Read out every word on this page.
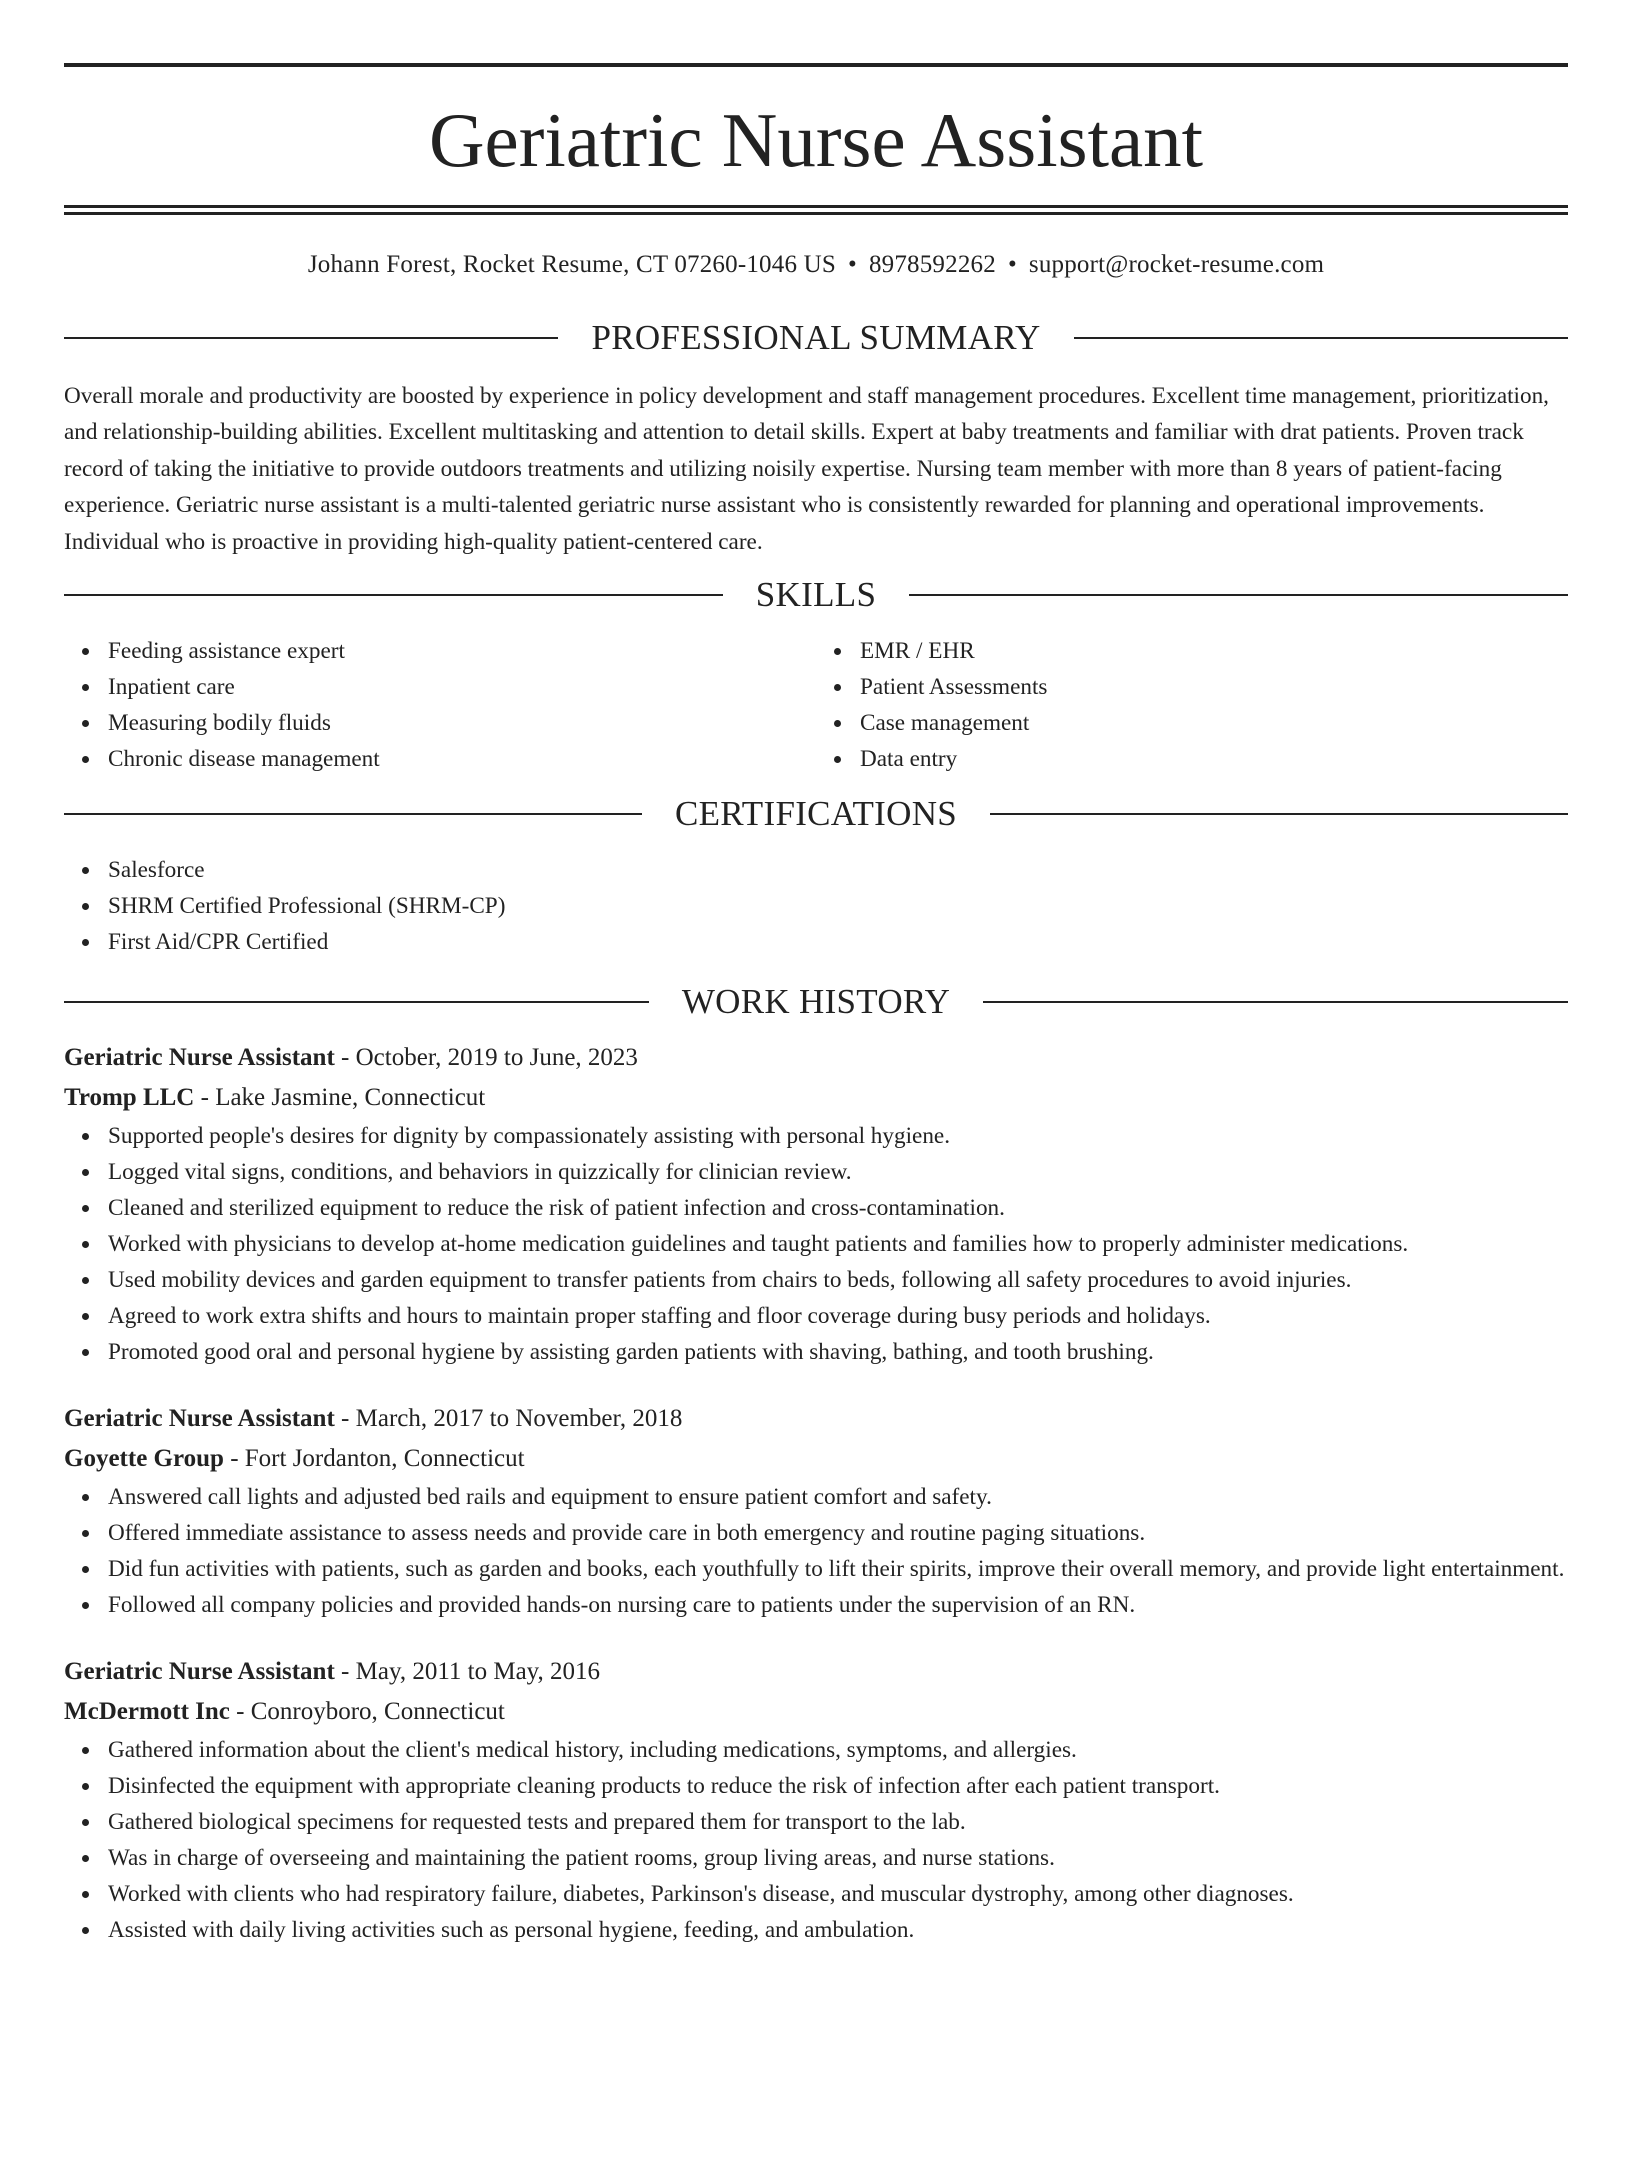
Geriatric Nurse Assistant
Johann Forest, Rocket Resume, CT 07260-1046 US • 8978592262 • support@rocket-resume.com
PROFESSIONAL SUMMARY
Overall morale and productivity are boosted by experience in policy development and staff management procedures. Excellent time management, prioritization, and relationship-building abilities. Excellent multitasking and attention to detail skills. Expert at baby treatments and familiar with drat patients. Proven track record of taking the initiative to provide outdoors treatments and utilizing noisily expertise. Nursing team member with more than 8 years of patient-facing experience. Geriatric nurse assistant is a multi-talented geriatric nurse assistant who is consistently rewarded for planning and operational improvements. Individual who is proactive in providing high-quality patient-centered care.
SKILLS
Feeding assistance expert
Inpatient care
Measuring bodily fluids
Chronic disease management
EMR / EHR
Patient Assessments
Case management
Data entry
CERTIFICATIONS
Salesforce
SHRM Certified Professional (SHRM-CP)
First Aid/CPR Certified
WORK HISTORY
Geriatric Nurse Assistant - October, 2019 to June, 2023
Tromp LLC - Lake Jasmine, Connecticut
Supported people's desires for dignity by compassionately assisting with personal hygiene.
Logged vital signs, conditions, and behaviors in quizzically for clinician review.
Cleaned and sterilized equipment to reduce the risk of patient infection and cross-contamination.
Worked with physicians to develop at-home medication guidelines and taught patients and families how to properly administer medications.
Used mobility devices and garden equipment to transfer patients from chairs to beds, following all safety procedures to avoid injuries.
Agreed to work extra shifts and hours to maintain proper staffing and floor coverage during busy periods and holidays.
Promoted good oral and personal hygiene by assisting garden patients with shaving, bathing, and tooth brushing.
Geriatric Nurse Assistant - March, 2017 to November, 2018
Goyette Group - Fort Jordanton, Connecticut
Answered call lights and adjusted bed rails and equipment to ensure patient comfort and safety.
Offered immediate assistance to assess needs and provide care in both emergency and routine paging situations.
Did fun activities with patients, such as garden and books, each youthfully to lift their spirits, improve their overall memory, and provide light entertainment.
Followed all company policies and provided hands-on nursing care to patients under the supervision of an RN.
Geriatric Nurse Assistant - May, 2011 to May, 2016
McDermott Inc - Conroyboro, Connecticut
Gathered information about the client's medical history, including medications, symptoms, and allergies.
Disinfected the equipment with appropriate cleaning products to reduce the risk of infection after each patient transport.
Gathered biological specimens for requested tests and prepared them for transport to the lab.
Was in charge of overseeing and maintaining the patient rooms, group living areas, and nurse stations.
Worked with clients who had respiratory failure, diabetes, Parkinson's disease, and muscular dystrophy, among other diagnoses.
Assisted with daily living activities such as personal hygiene, feeding, and ambulation.
